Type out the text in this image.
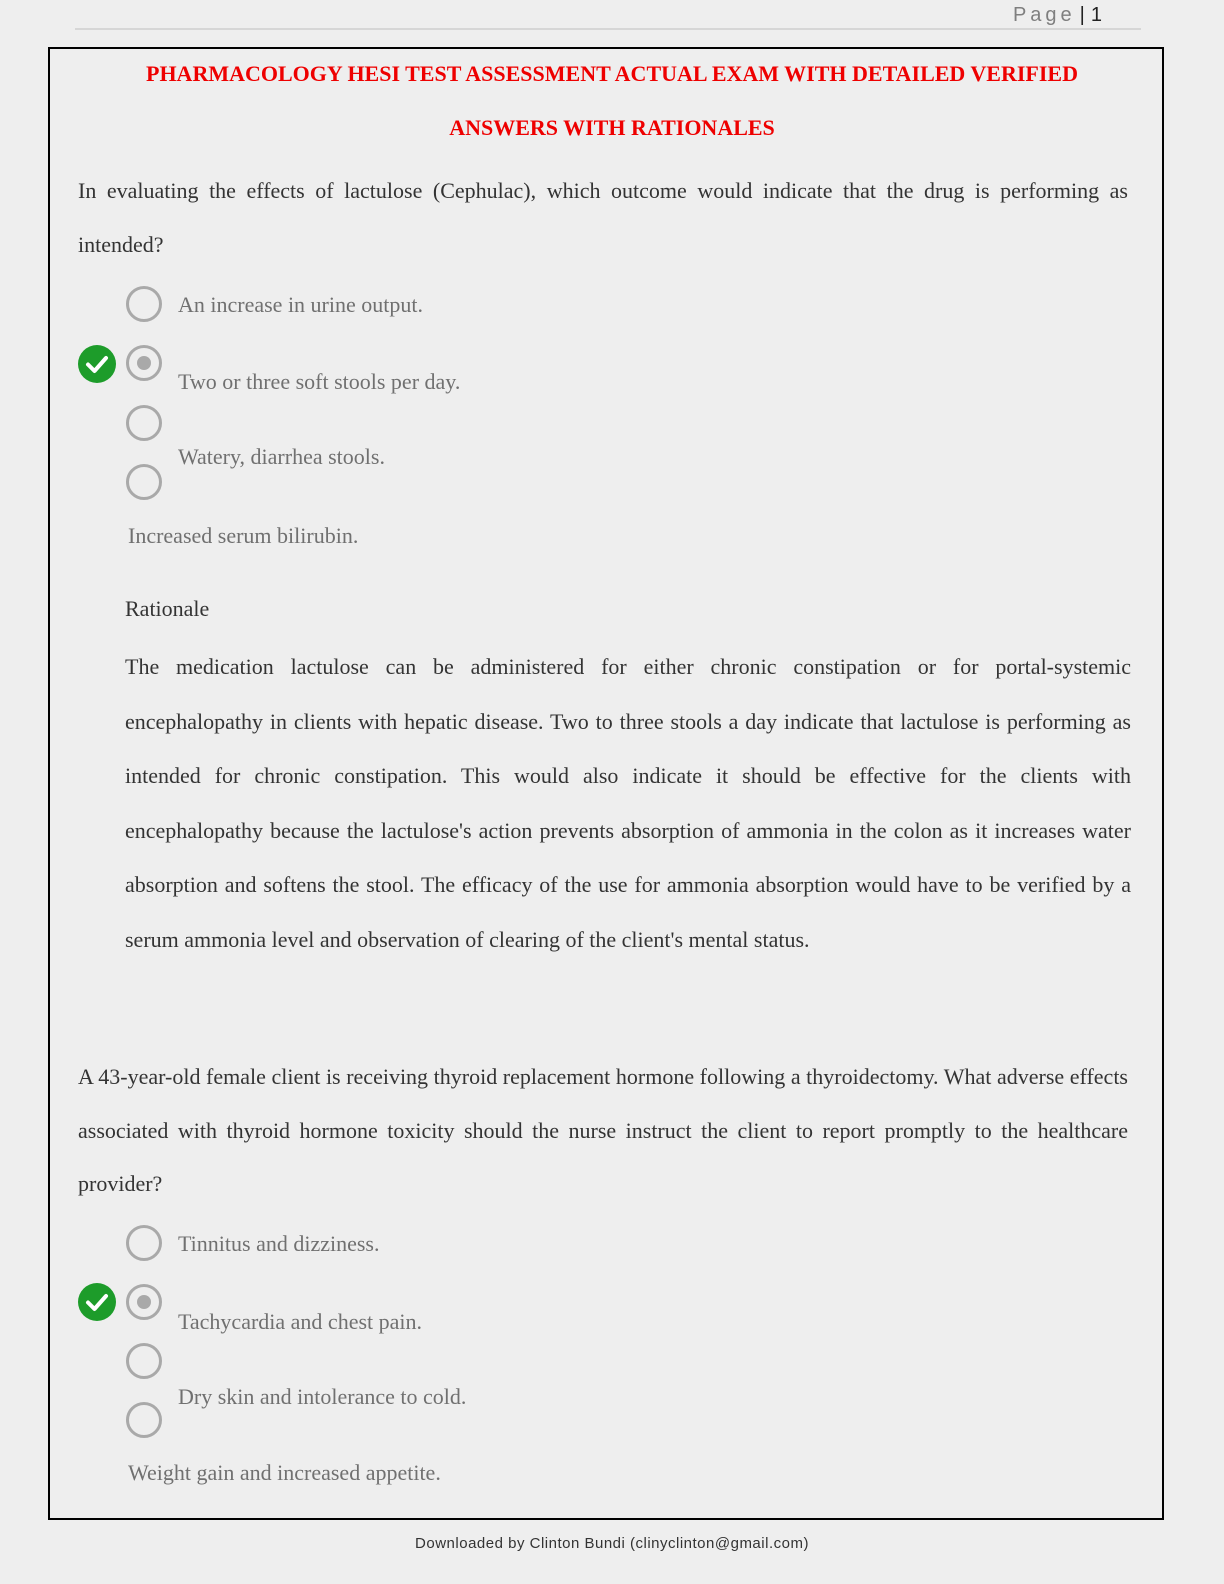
Page | 1
PHARMACOLOGY HESI TEST ASSESSMENT ACTUAL EXAM WITH DETAILED VERIFIED
ANSWERS WITH RATIONALES
In evaluating the effects of lactulose (Cephulac), which outcome would indicate that the drug is performing as intended?
An increase in urine output.
Two or three soft stools per day.
Watery, diarrhea stools.
Increased serum bilirubin.
Rationale
The medication lactulose can be administered for either chronic constipation or for portal-systemic encephalopathy in clients with hepatic disease. Two to three stools a day indicate that lactulose is performing as intended for chronic constipation. This would also indicate it should be effective for the clients with encephalopathy because the lactulose's action prevents absorption of ammonia in the colon as it increases water absorption and softens the stool. The efficacy of the use for ammonia absorption would have to be verified by a serum ammonia level and observation of clearing of the client's mental status.
A 43-year-old female client is receiving thyroid replacement hormone following a thyroidectomy. What adverse effects associated with thyroid hormone toxicity should the nurse instruct the client to report promptly to the healthcare provider?
Tinnitus and dizziness.
Tachycardia and chest pain.
Dry skin and intolerance to cold.
Weight gain and increased appetite.
Downloaded by Clinton Bundi (clinyclinton@gmail.com)
